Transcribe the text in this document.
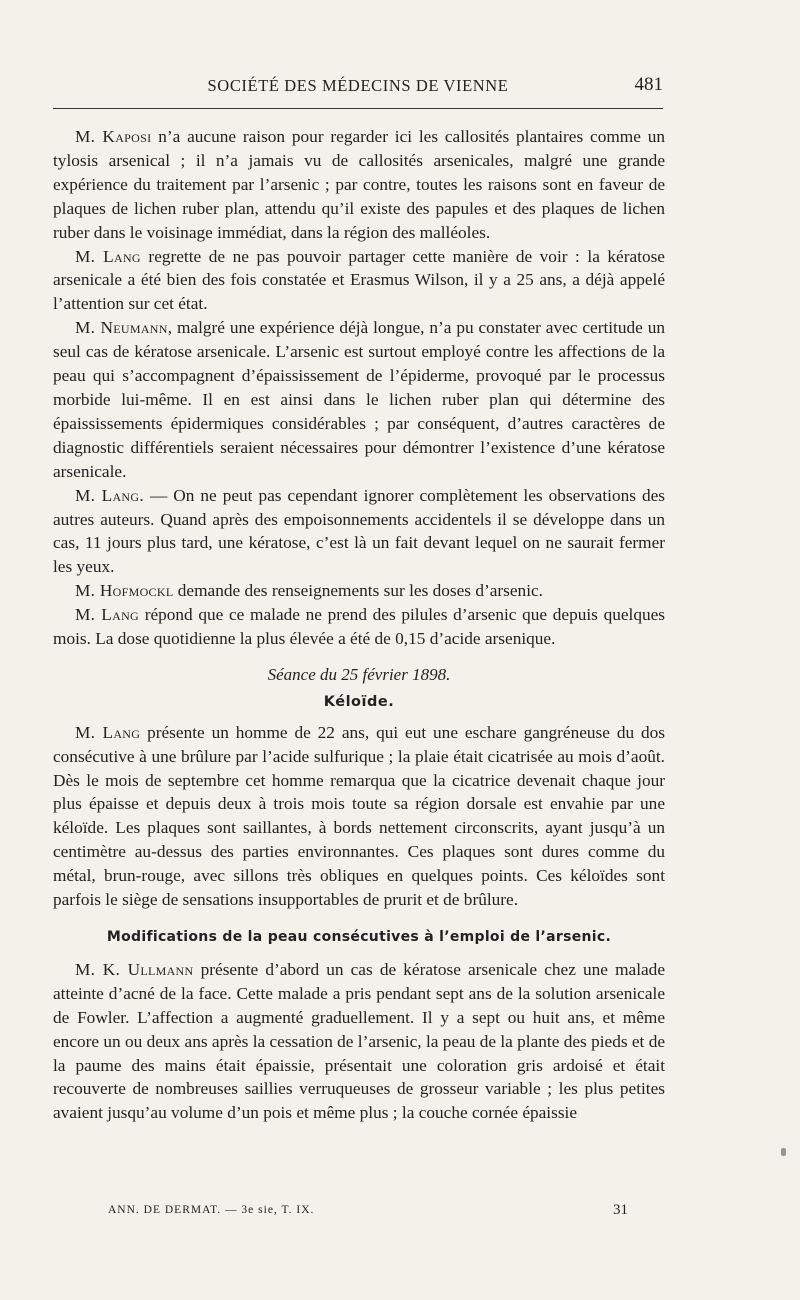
SOCIÉTÉ DES MÉDECINS DE VIENNE	481

M. Kaposi n’a aucune raison pour regarder ici les callosités plantaires comme un tylosis arsenical ; il n’a jamais vu de callosités arsenicales, malgré une grande expérience du traitement par l’arsenic ; par contre, toutes les raisons sont en faveur de plaques de lichen ruber plan, attendu qu’il existe des papules et des plaques de lichen ruber dans le voisinage immédiat, dans la région des malléoles.

M. Lang regrette de ne pas pouvoir partager cette manière de voir : la kératose arsenicale a été bien des fois constatée et Erasmus Wilson, il y a 25 ans, a déjà appelé l’attention sur cet état.

M. Neumann, malgré une expérience déjà longue, n’a pu constater avec certitude un seul cas de kératose arsenicale. L’arsenic est surtout employé contre les affections de la peau qui s’accompagnent d’épaississement de l’épiderme, provoqué par le processus morbide lui-même. Il en est ainsi dans le lichen ruber plan qui détermine des épaississements épidermiques considérables ; par conséquent, d’autres caractères de diagnostic différentiels seraient nécessaires pour démontrer l’existence d’une kératose arsenicale.

M. Lang. — On ne peut pas cependant ignorer complètement les observations des autres auteurs. Quand après des empoisonnements accidentels il se développe dans un cas, 11 jours plus tard, une kératose, c’est là un fait devant lequel on ne saurait fermer les yeux.

M. Hofmockl demande des renseignements sur les doses d’arsenic.

M. Lang répond que ce malade ne prend des pilules d’arsenic que depuis quelques mois. La dose quotidienne la plus élevée a été de 0,15 d’acide arsenique.

Séance du 25 février 1898.
Kéloïde.

M. Lang présente un homme de 22 ans, qui eut une eschare gangréneuse du dos consécutive à une brûlure par l’acide sulfurique ; la plaie était cicatrisée au mois d’août. Dès le mois de septembre cet homme remarqua que la cicatrice devenait chaque jour plus épaisse et depuis deux à trois mois toute sa région dorsale est envahie par une kéloïde. Les plaques sont saillantes, à bords nettement circonscrits, ayant jusqu’à un centimètre au-dessus des parties environnantes. Ces plaques sont dures comme du métal, brun-rouge, avec sillons très obliques en quelques points. Ces kéloïdes sont parfois le siège de sensations insupportables de prurit et de brûlure.

Modifications de la peau consécutives à l’emploi de l’arsenic.

M. K. Ullmann présente d’abord un cas de kératose arsenicale chez une malade atteinte d’acné de la face. Cette malade a pris pendant sept ans de la solution arsenicale de Fowler. L’affection a augmenté graduellement. Il y a sept ou huit ans, et même encore un ou deux ans après la cessation de l’arsenic, la peau de la plante des pieds et de la paume des mains était épaissie, présentait une coloration gris ardoisé et était recouverte de nombreuses saillies verruqueuses de grosseur variable ; les plus petites avaient jusqu’au volume d’un pois et même plus ; la couche cornée épaissie

ANN. DE DERMAT. — 3e sie, T. IX.	31
